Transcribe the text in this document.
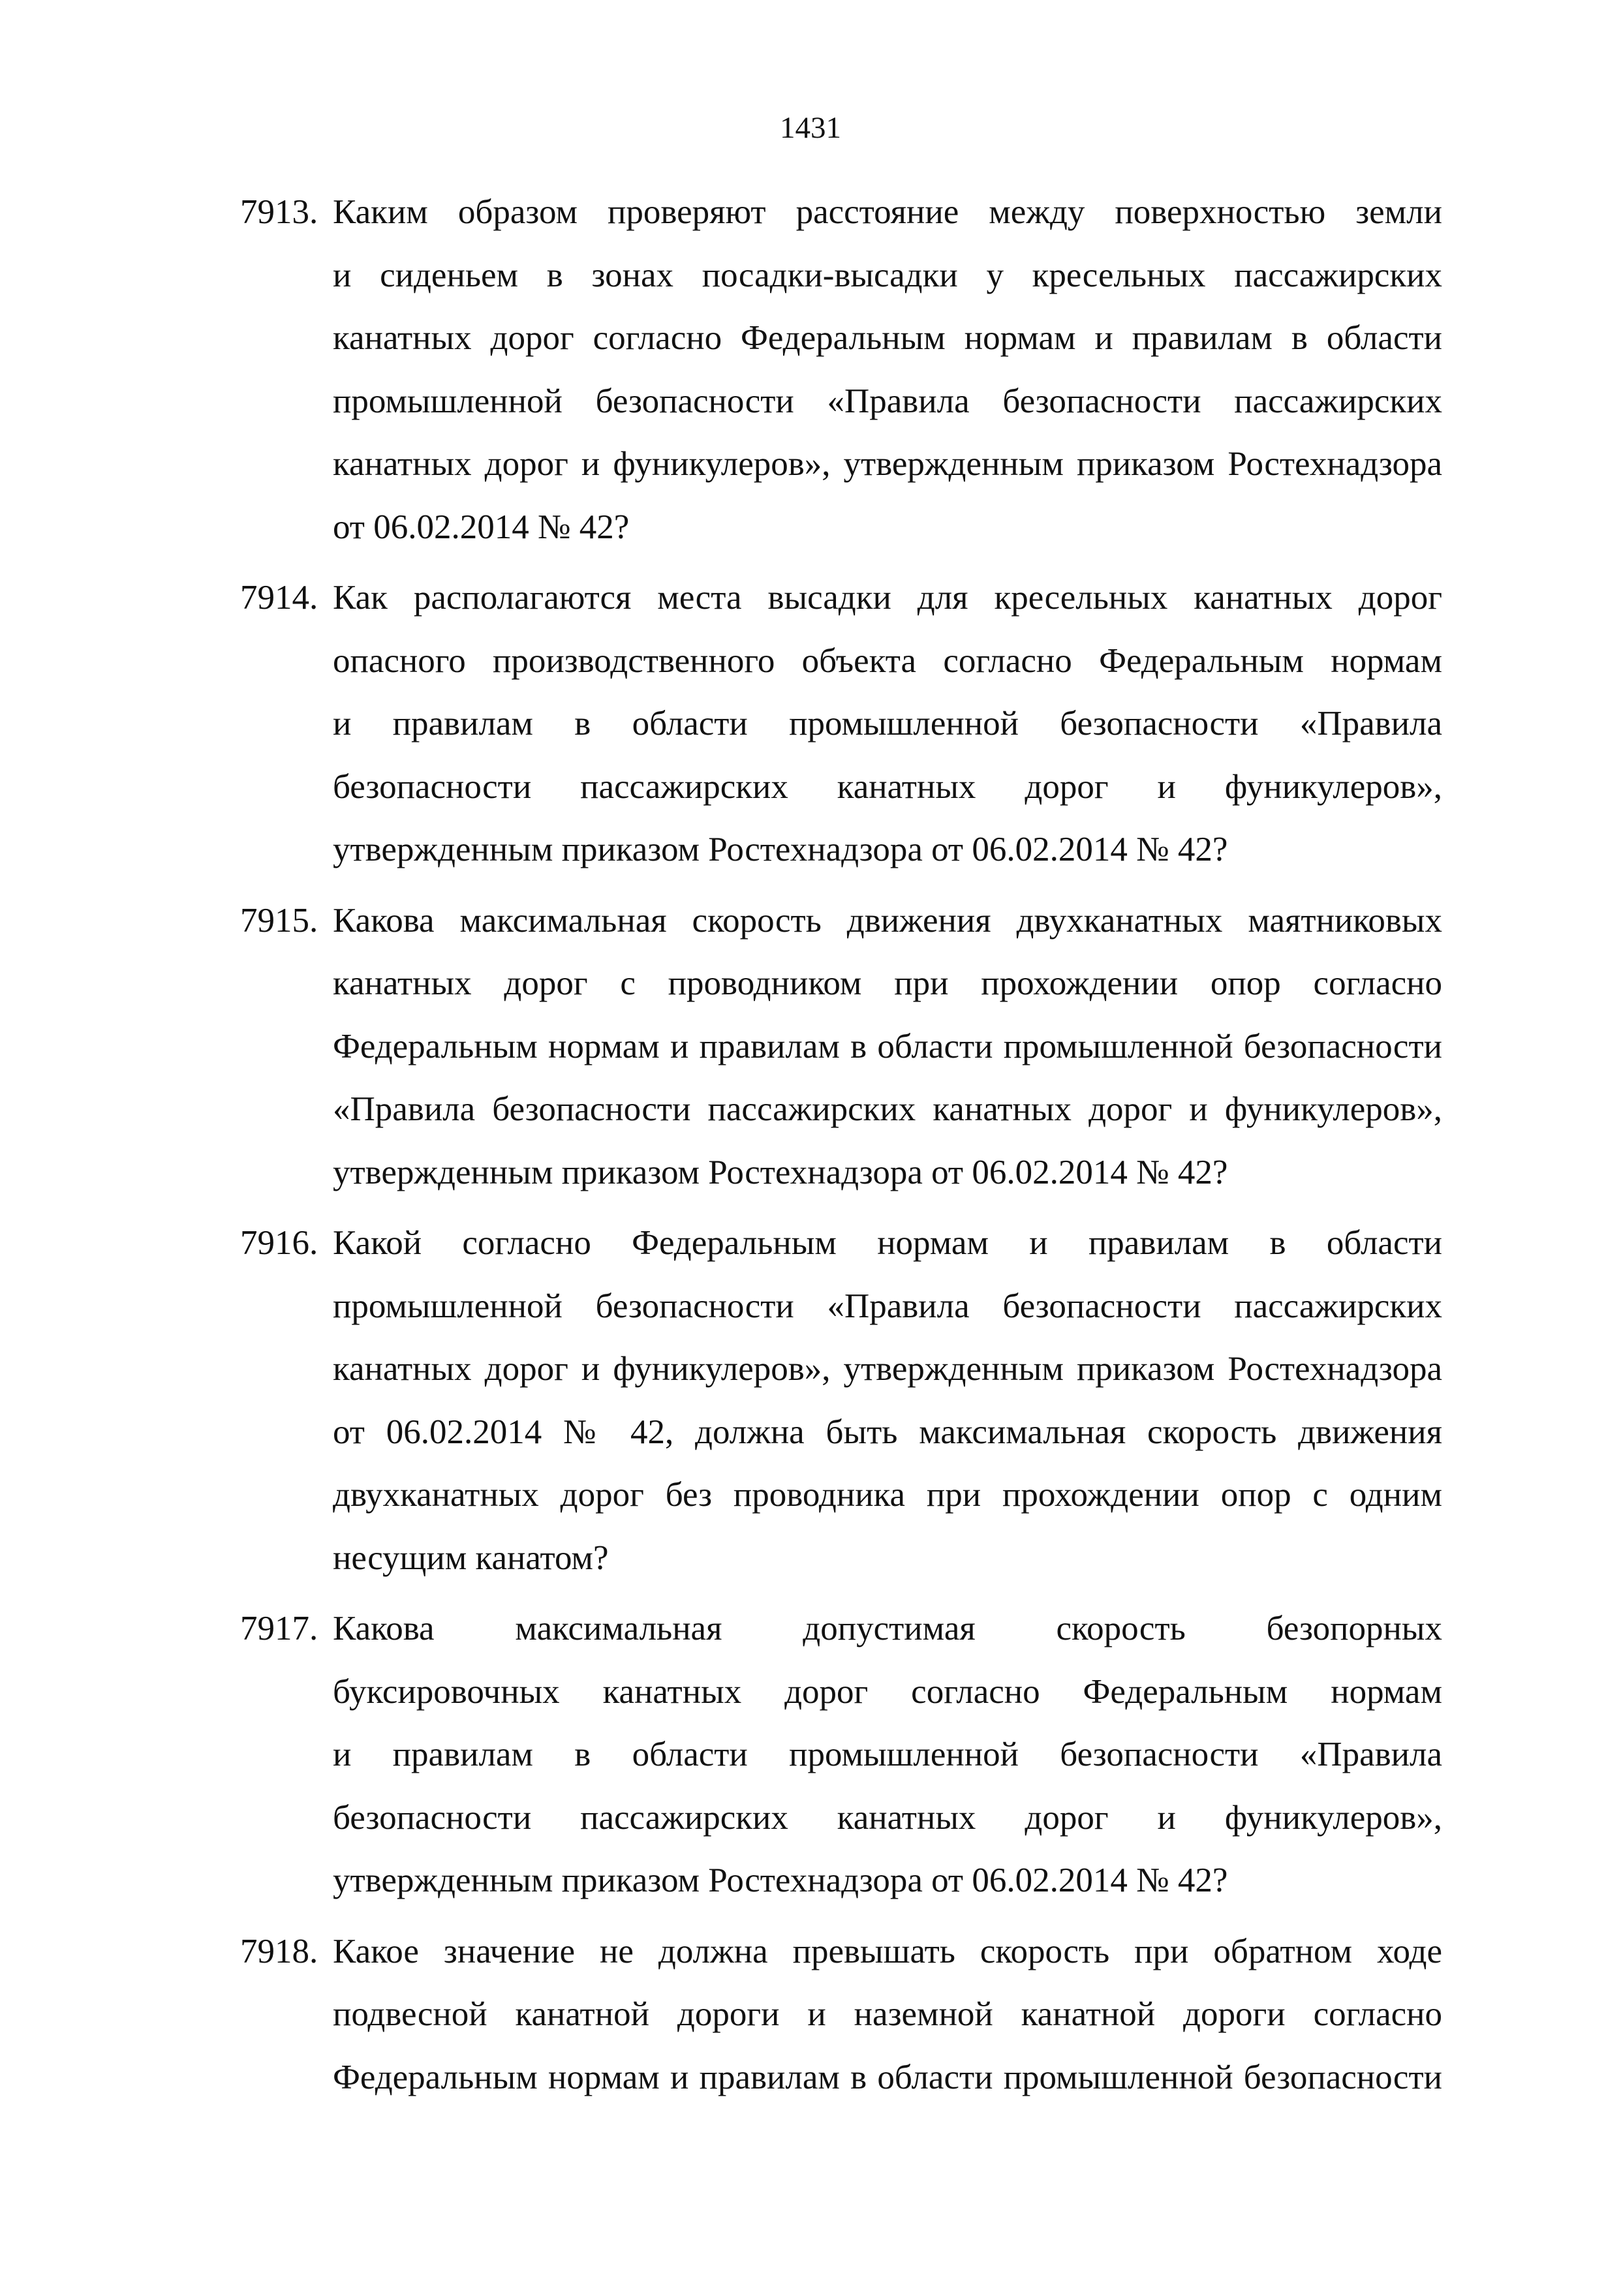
1431
7913. Каким образом проверяют расстояние между поверхностью земли
и сиденьем в зонах посадки-высадки у кресельных пассажирских
канатных дорог согласно Федеральным нормам и правилам в области
промышленной безопасности «Правила безопасности пассажирских
канатных дорог и фуникулеров», утвержденным приказом Ростехнадзора
от 06.02.2014 № 42?
7914. Как располагаются места высадки для кресельных канатных дорог
опасного производственного объекта согласно Федеральным нормам
и правилам в области промышленной безопасности «Правила
безопасности пассажирских канатных дорог и фуникулеров»,
утвержденным приказом Ростехнадзора от 06.02.2014 № 42?
7915. Какова максимальная скорость движения двухканатных маятниковых
канатных дорог с проводником при прохождении опор согласно
Федеральным нормам и правилам в области промышленной безопасности
«Правила безопасности пассажирских канатных дорог и фуникулеров»,
утвержденным приказом Ростехнадзора от 06.02.2014 № 42?
7916. Какой согласно Федеральным нормам и правилам в области
промышленной безопасности «Правила безопасности пассажирских
канатных дорог и фуникулеров», утвержденным приказом Ростехнадзора
от 06.02.2014 № 42, должна быть максимальная скорость движения
двухканатных дорог без проводника при прохождении опор с одним
несущим канатом?
7917. Какова максимальная допустимая скорость безопорных
буксировочных канатных дорог согласно Федеральным нормам
и правилам в области промышленной безопасности «Правила
безопасности пассажирских канатных дорог и фуникулеров»,
утвержденным приказом Ростехнадзора от 06.02.2014 № 42?
7918. Какое значение не должна превышать скорость при обратном ходе
подвесной канатной дороги и наземной канатной дороги согласно
Федеральным нормам и правилам в области промышленной безопасности
